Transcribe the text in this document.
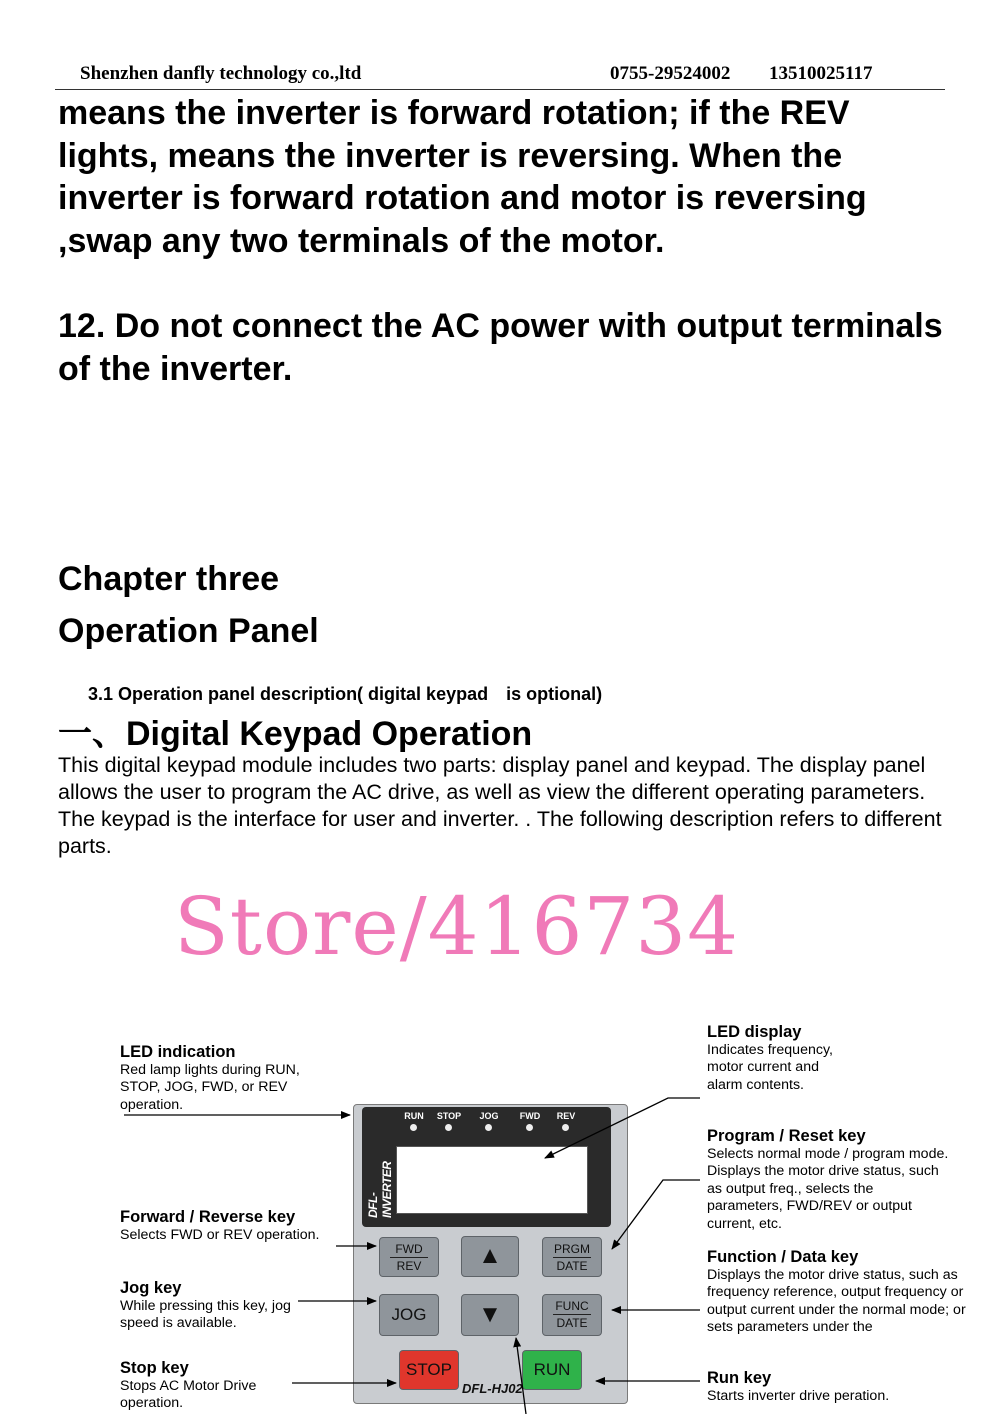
Shenzhen danfly technology co.,ltd	0755-29524002 13510025117

means the inverter is forward rotation; if the REV lights, means the inverter is reversing. When the inverter is forward rotation and motor is reversing ,swap any two terminals of the motor.

12. Do not connect the AC power with output terminals of the inverter.

Chapter three

Operation Panel

3.1 Operation panel description( digital keypad　is optional)
一、Digital Keypad Operation

This digital keypad module includes two parts: display panel and keypad. The display panel allows the user to program the AC drive, as well as view the different operating parameters. The keypad is the interface for user and inverter. . The following description refers to different parts.

Store/416734
LED indication
Red lamp lights during RUN, STOP, JOG, FWD, or REV operation.
LED display
Indicates frequency, motor current and alarm contents.
Program / Reset key
Selects normal mode / program mode. Displays the motor drive status, such as output freq., selects the parameters, FWD/REV or output current, etc.
Forward / Reverse key
Selects FWD or REV operation.
Function / Data key
Displays the motor drive status, such as frequency reference, output frequency or output current under the normal mode; or sets parameters under the
Jog key
While pressing this key, jog speed is available.
Stop key
Stops AC Motor Drive operation.
Run key
Starts inverter drive peration.
DFL-INVERTER
RUN	STOP	JOG	FWD	REV
FWD
REV	▲	PRGM
DATE
JOG	▼	FUNC
DATE
STOP	RUN
DFL-HJ02
